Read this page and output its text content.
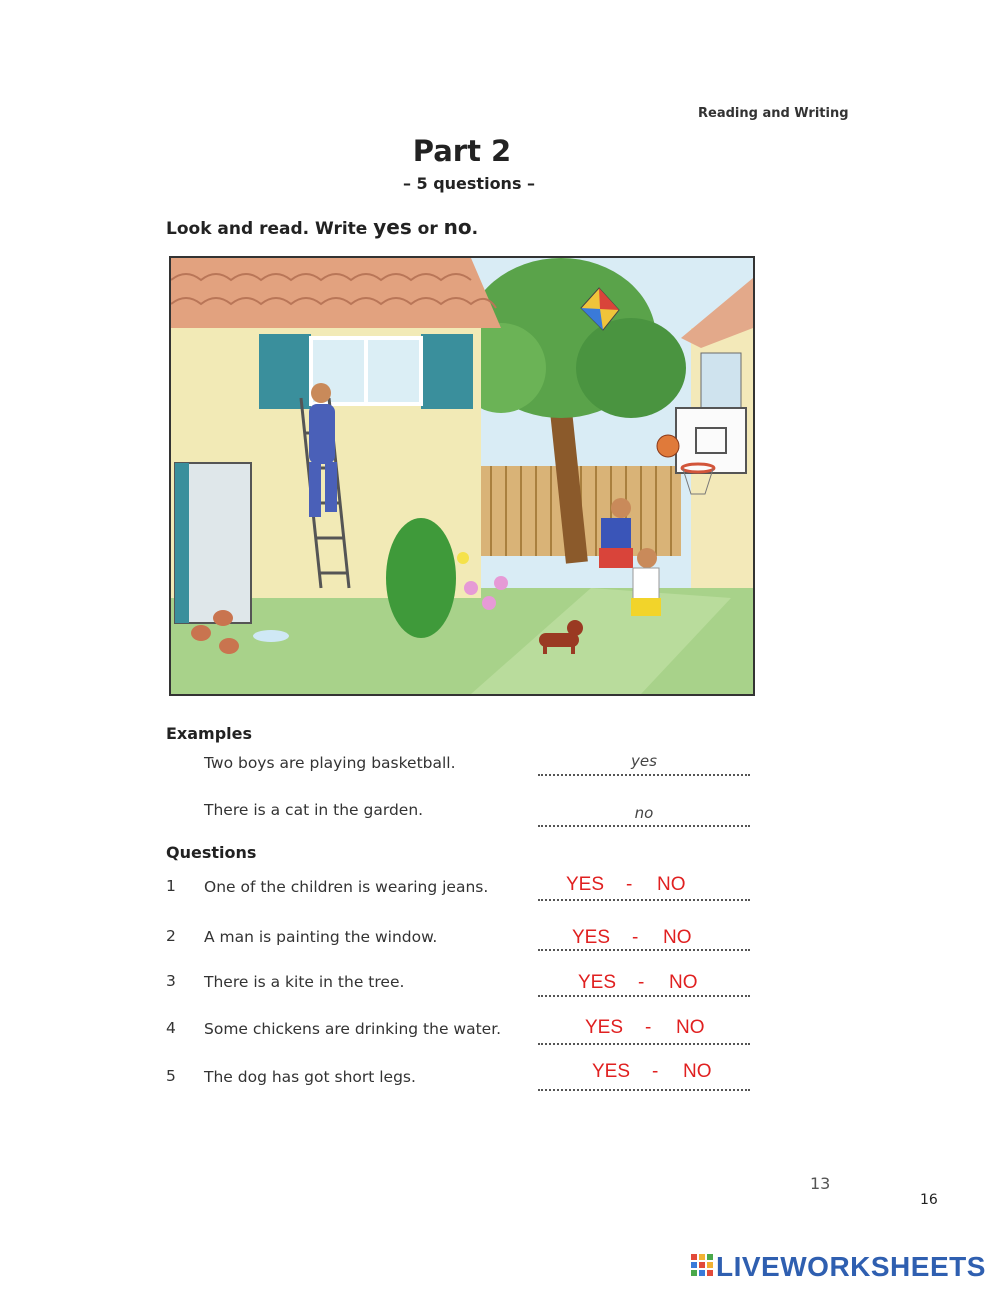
Reading and Writing
Part 2
– 5 questions –
Look and read. Write yes or no.
Examples
Two boys are playing basketball.	yes
There is a cat in the garden.	no
Questions
1 One of the children is wearing jeans.	YES - NO
2 A man is painting the window.	YES - NO
3 There is a kite in the tree.	YES - NO
4 Some chickens are drinking the water.	YES - NO
5 The dog has got short legs.	YES - NO
13
16
LIVEWORKSHEETS
